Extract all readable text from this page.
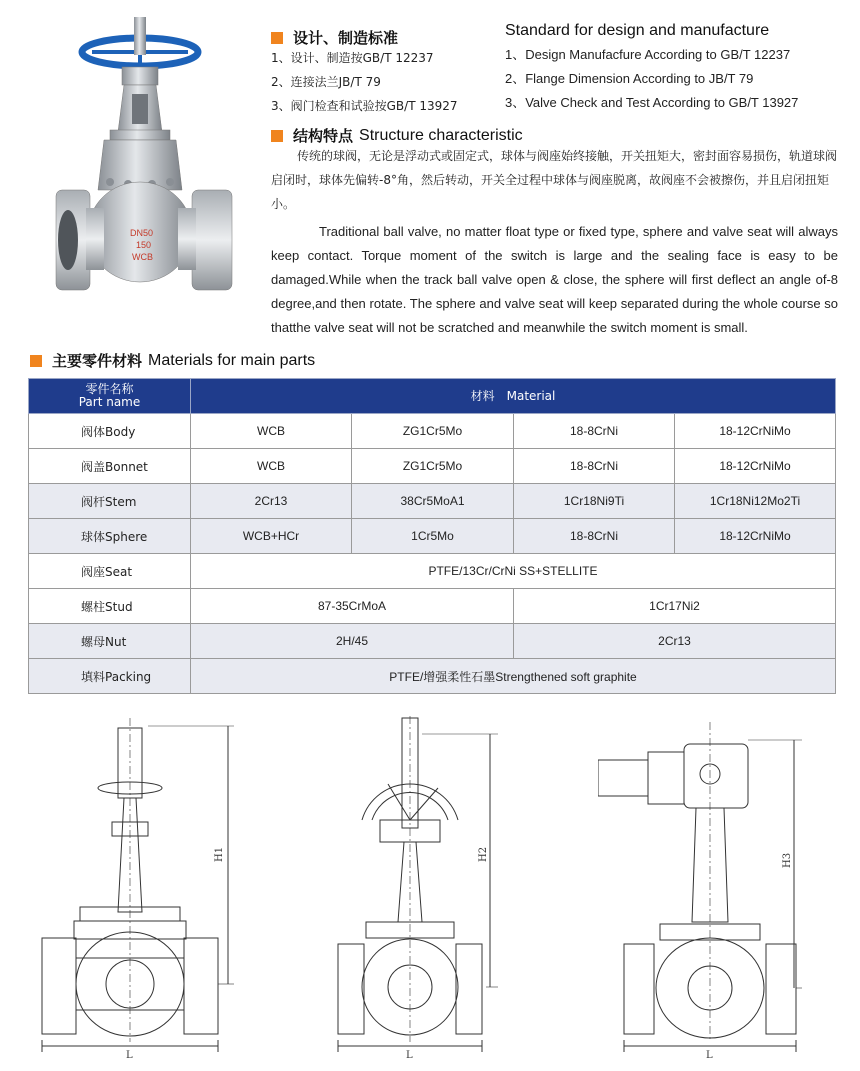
DN50
150
WCB
设计、制造标准	Standard for design and manufacture
1、设计、制造按GB/T 12237
2、连接法兰JB/T 79
3、阀门检查和试验按GB/T 13927
1、Design Manufacfure According to GB/T 12237
2、Flange Dimension According to JB/T 79
3、Valve Check and Test According to GB/T 13927
结构特点 Structure characteristic
传统的球阀，无论是浮动式或固定式，球体与阀座始终接触，开关扭矩大，密封面容易损伤，轨道球阀启闭时，球体先偏转-8°角，然后转动，开关全过程中球体与阀座脱离，故阀座不会被擦伤，并且启闭扭矩小。
Traditional ball valve, no matter float type or fixed type, sphere and valve seat will always keep contact. Torque moment of the switch is large and the sealing face is easy to be damaged.While when the track ball valve open & close, the sphere will first deflect an angle of-8 degree,and then rotate. The sphere and valve seat will keep separated during the whole course so thatthe valve seat will not be scratched and meanwhile the switch moment is small.
主要零件材料 Materials for main parts
零件名称
Part name	材料　Material			
阀体Body	WCB	ZG1Cr5Mo	18-8CrNi	18-12CrNiMo
阀盖Bonnet	WCB	ZG1Cr5Mo	18-8CrNi	18-12CrNiMo
阀杆Stem	2Cr13	38Cr5MoA1	1Cr18Ni9Ti	1Cr18Ni12Mo2Ti
球体Sphere	WCB+HCr	1Cr5Mo	18-8CrNi	18-12CrNiMo
阀座Seat	PTFE/13Cr/CrNi SS+STELLITE			
螺柱Stud	87-35CrMoA		1Cr17Ni2	
螺母Nut	2H/45		2Cr13	
填料Packing	PTFE/增强柔性石墨Strengthened soft graphite			
L
H1
L
H2
L
H3
